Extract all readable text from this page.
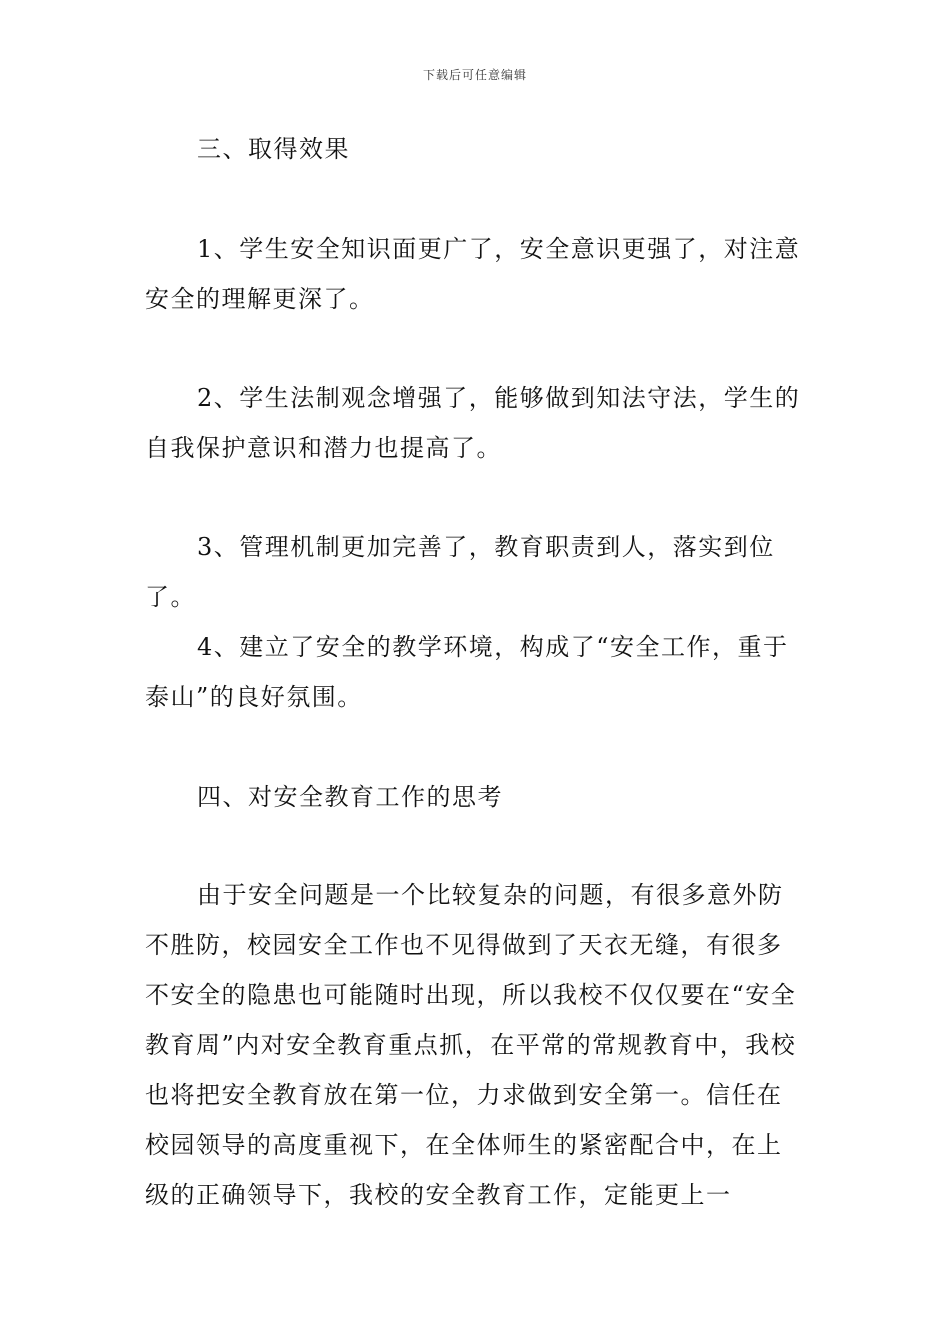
下载后可任意编辑

三、取得效果

1、学生安全知识面更广了，安全意识更强了，对注意安全的理解更深了。

2、学生法制观念增强了，能够做到知法守法，学生的自我保护意识和潜力也提高了。

3、管理机制更加完善了，教育职责到人，落实到位了。

4、建立了安全的教学环境，构成了“安全工作，重于泰山”的良好氛围。

四、对安全教育工作的思考

由于安全问题是一个比较复杂的问题，有很多意外防不胜防，校园安全工作也不见得做到了天衣无缝，有很多不安全的隐患也可能随时出现，所以我校不仅仅要在“安全教育周”内对安全教育重点抓，在平常的常规教育中，我校也将把安全教育放在第一位，力求做到安全第一。信任在校园领导的高度重视下，在全体师生的紧密配合中，在上级的正确领导下，我校的安全教育工作，定能更上一
